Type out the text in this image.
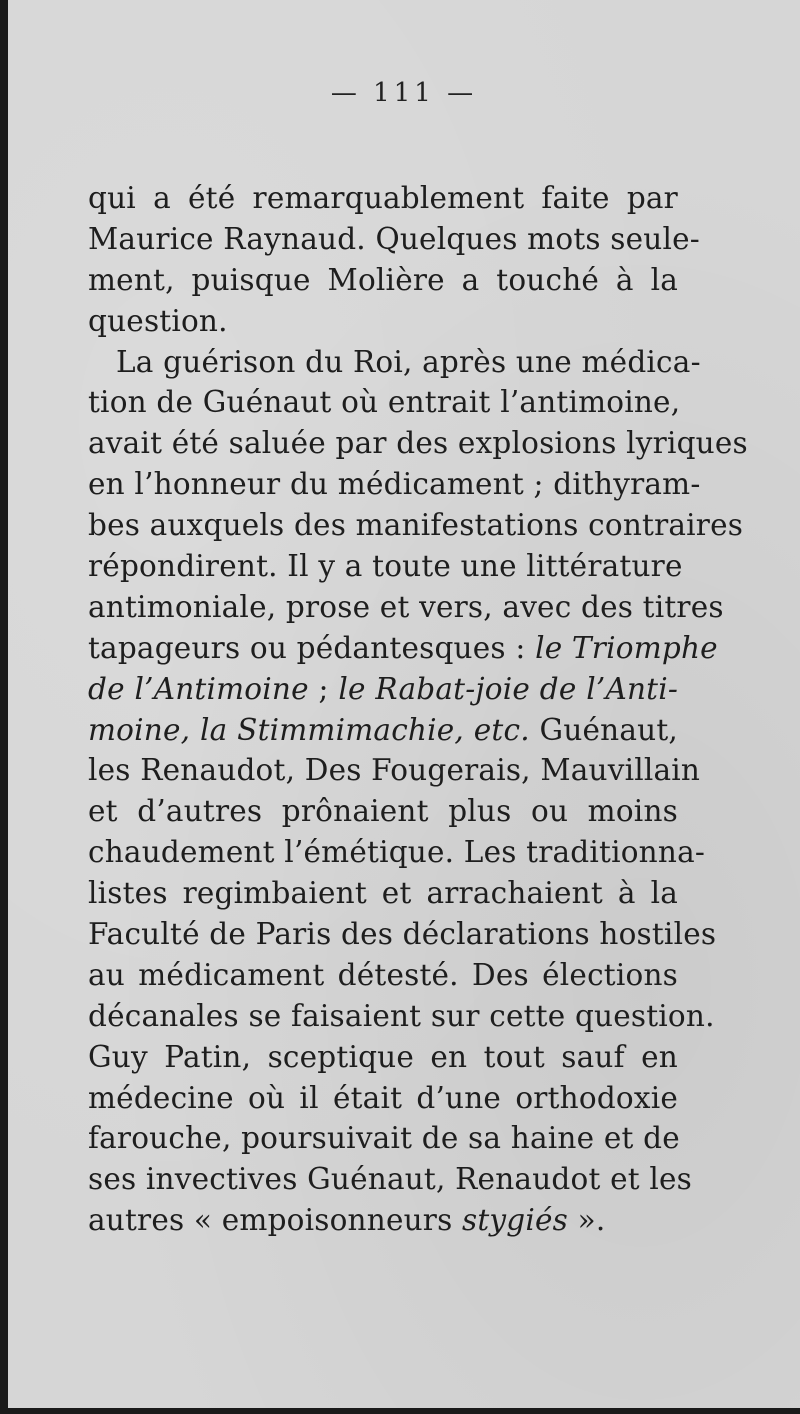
— 111 —
qui a été remarquablement faite par
Maurice Raynaud. Quelques mots seule-
ment, puisque Molière a touché à la
question.
La guérison du Roi, après une médica-
tion de Guénaut où entrait l’antimoine,
avait été saluée par des explosions lyriques
en l’honneur du médicament ; dithyram-
bes auxquels des manifestations contraires
répondirent. Il y a toute une littérature
antimoniale, prose et vers, avec des titres
tapageurs ou pédantesques : le Triomphe
de l’Antimoine ; le Rabat-joie de l’Anti-
moine, la Stimmimachie, etc. Guénaut,
les Renaudot, Des Fougerais, Mauvillain
et d’autres prônaient plus ou moins
chaudement l’émétique. Les traditionna-
listes regimbaient et arrachaient à la
Faculté de Paris des déclarations hostiles
au médicament détesté. Des élections
décanales se faisaient sur cette question.
Guy Patin, sceptique en tout sauf en
médecine où il était d’une orthodoxie
farouche, poursuivait de sa haine et de
ses invectives Guénaut, Renaudot et les
autres « empoisonneurs stygiés ».
